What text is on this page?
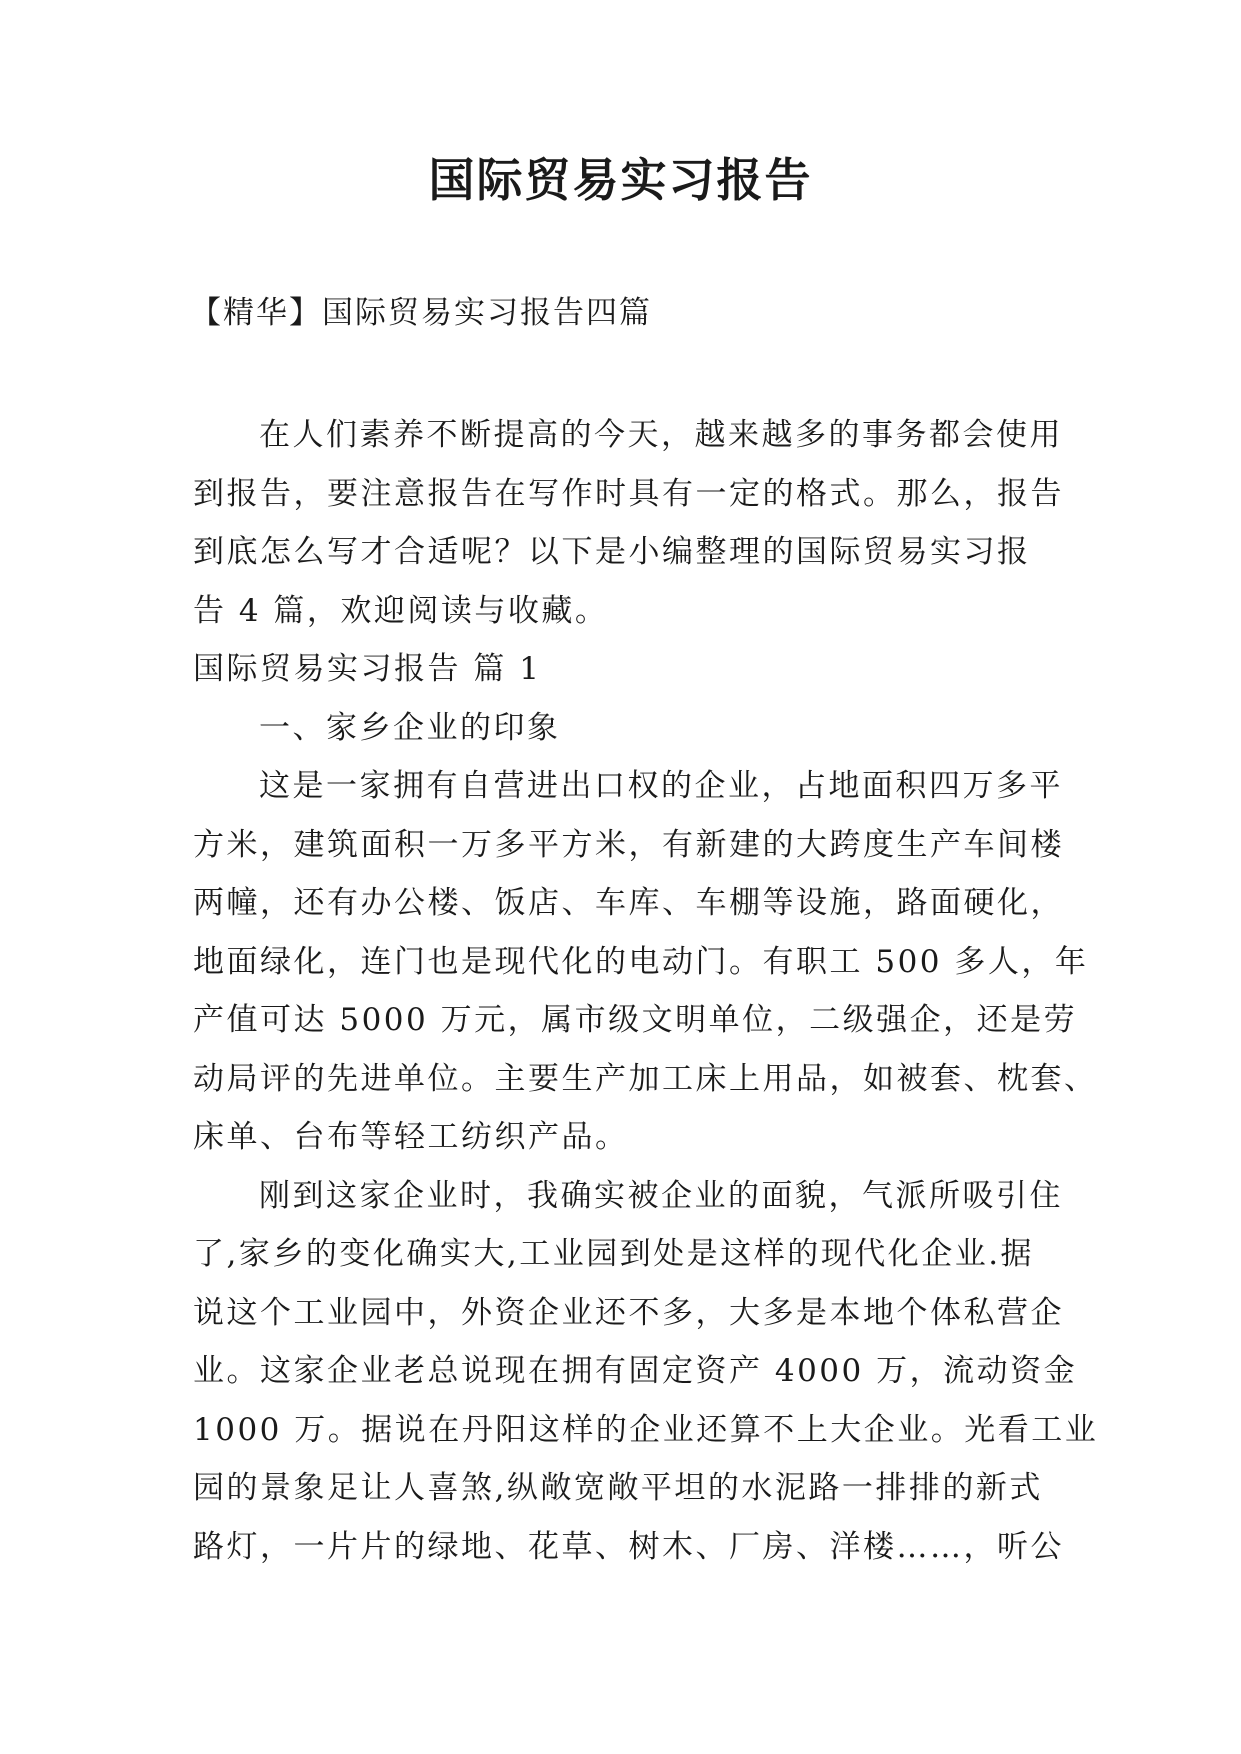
国际贸易实习报告
【精华】国际贸易实习报告四篇
在人们素养不断提高的今天，越来越多的事务都会使用
到报告，要注意报告在写作时具有一定的格式。那么，报告
到底怎么写才合适呢？以下是小编整理的国际贸易实习报
告 4 篇，欢迎阅读与收藏。
国际贸易实习报告 篇 1
一、家乡企业的印象
这是一家拥有自营进出口权的企业，占地面积四万多平
方米，建筑面积一万多平方米，有新建的大跨度生产车间楼
两幢，还有办公楼、饭店、车库、车棚等设施，路面硬化，
地面绿化，连门也是现代化的电动门。有职工 500 多人，年
产值可达 5000 万元，属市级文明单位，二级强企，还是劳
动局评的先进单位。主要生产加工床上用品，如被套、枕套、
床单、台布等轻工纺织产品。
刚到这家企业时，我确实被企业的面貌，气派所吸引住
了,家乡的变化确实大,工业园到处是这样的现代化企业.据
说这个工业园中，外资企业还不多，大多是本地个体私营企
业。这家企业老总说现在拥有固定资产 4000 万，流动资金
1000 万。据说在丹阳这样的企业还算不上大企业。光看工业
园的景象足让人喜煞,纵敞宽敞平坦的水泥路一排排的新式
路灯，一片片的绿地、花草、树木、厂房、洋楼……，听公
